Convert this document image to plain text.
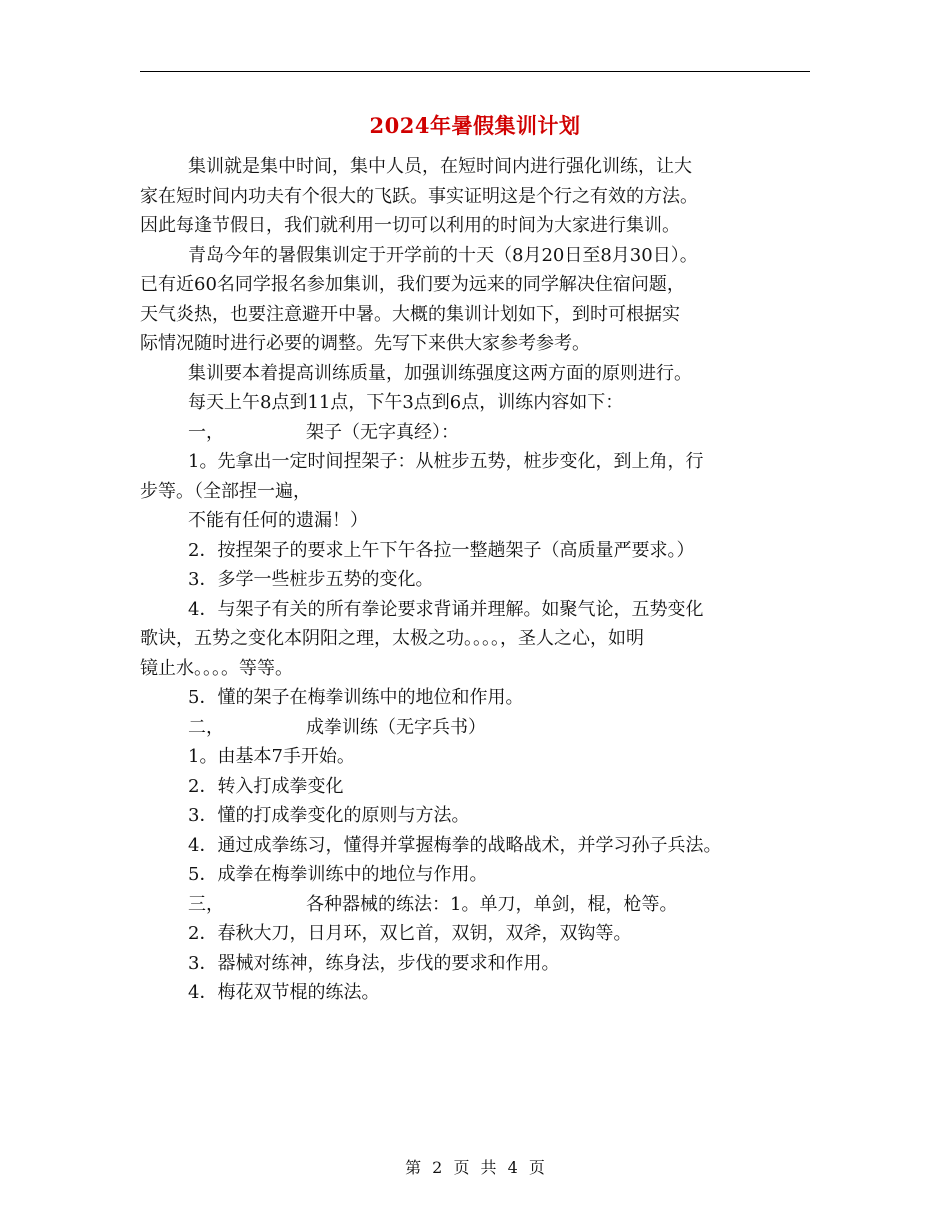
2024年暑假集训计划

集训就是集中时间，集中人员，在短时间内进行强化训练，让大

家在短时间内功夫有个很大的飞跃。事实证明这是个行之有效的方法。

因此每逢节假日，我们就利用一切可以利用的时间为大家进行集训。

青岛今年的暑假集训定于开学前的十天（8月20日至8月30日）。

已有近60名同学报名参加集训，我们要为远来的同学解决住宿问题，

天气炎热，也要注意避开中暑。大概的集训计划如下，到时可根据实

际情况随时进行必要的调整。先写下来供大家参考参考。

集训要本着提高训练质量，加强训练强度这两方面的原则进行。

每天上午8点到11点，下午3点到6点，训练内容如下：

一，	架子（无字真经）：

1。先拿出一定时间捏架子：从桩步五势，桩步变化，到上角，行

步等。（全部捏一遍，

不能有任何的遗漏！）

2．按捏架子的要求上午下午各拉一整趟架子（高质量严要求。）

3．多学一些桩步五势的变化。

4．与架子有关的所有拳论要求背诵并理解。如聚气论，五势变化

歌诀，五势之变化本阴阳之理，太极之功。。。。，圣人之心，如明

镜止水。。。。等等。

5．懂的架子在梅拳训练中的地位和作用。

二，	成拳训练（无字兵书）

1。由基本7手开始。

2．转入打成拳变化

3．懂的打成拳变化的原则与方法。

4．通过成拳练习，懂得并掌握梅拳的战略战术，并学习孙子兵法。

5．成拳在梅拳训练中的地位与作用。

三，	各种器械的练法：1。单刀，单剑，棍，枪等。

2．春秋大刀，日月环，双匕首，双钥，双斧，双钩等。

3．器械对练神，练身法，步伐的要求和作用。

4．梅花双节棍的练法。

第 2 页 共 4 页
